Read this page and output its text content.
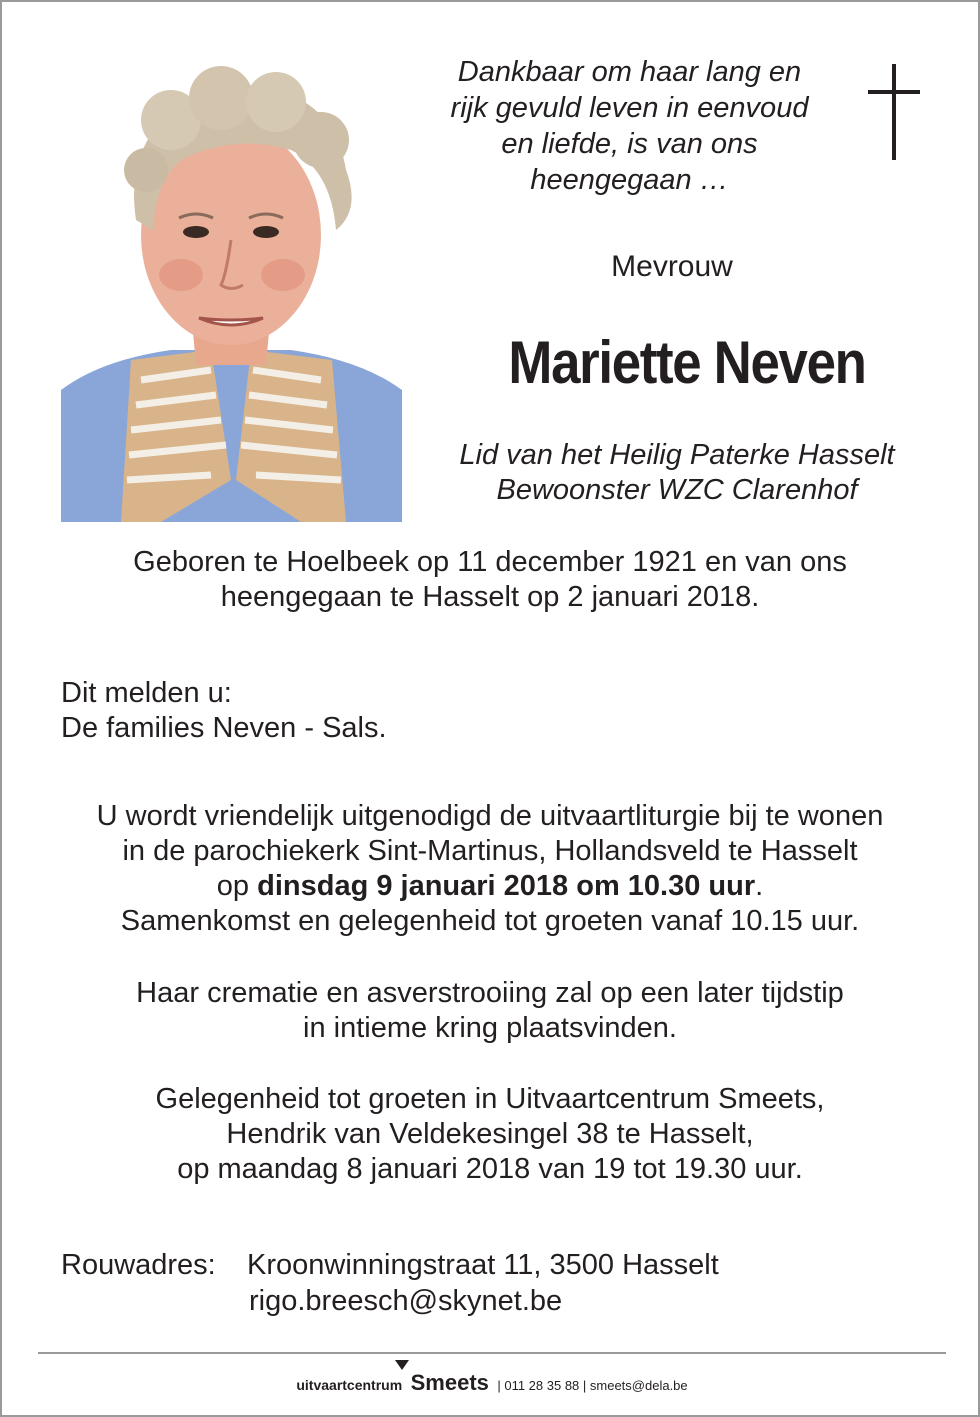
Dankbaar om haar lang en
rijk gevuld leven in eenvoud
en liefde, is van ons
heengegaan …
Mevrouw
Mariette Neven
Lid van het Heilig Paterke Hasselt
Bewoonster WZC Clarenhof
Geboren te Hoelbeek op 11 december 1921 en van ons
heengegaan te Hasselt op 2 januari 2018.
Dit melden u:
De families Neven - Sals.
U wordt vriendelijk uitgenodigd de uitvaartliturgie bij te wonen
in de parochiekerk Sint-Martinus, Hollandsveld te Hasselt
op dinsdag 9 januari 2018 om 10.30 uur.
Samenkomst en gelegenheid tot groeten vanaf 10.15 uur.
Haar crematie en asverstrooiing zal op een later tijdstip
in intieme kring plaatsvinden.
Gelegenheid tot groeten in Uitvaartcentrum Smeets,
Hendrik van Veldekesingel 38 te Hasselt,
op maandag 8 januari 2018 van 19 tot 19.30 uur.
Rouwadres: Kroonwinningstraat 11, 3500 Hasselt
rigo.breesch@skynet.be
uitvaartcentrum Smeets | 011 28 35 88 | smeets@dela.be
